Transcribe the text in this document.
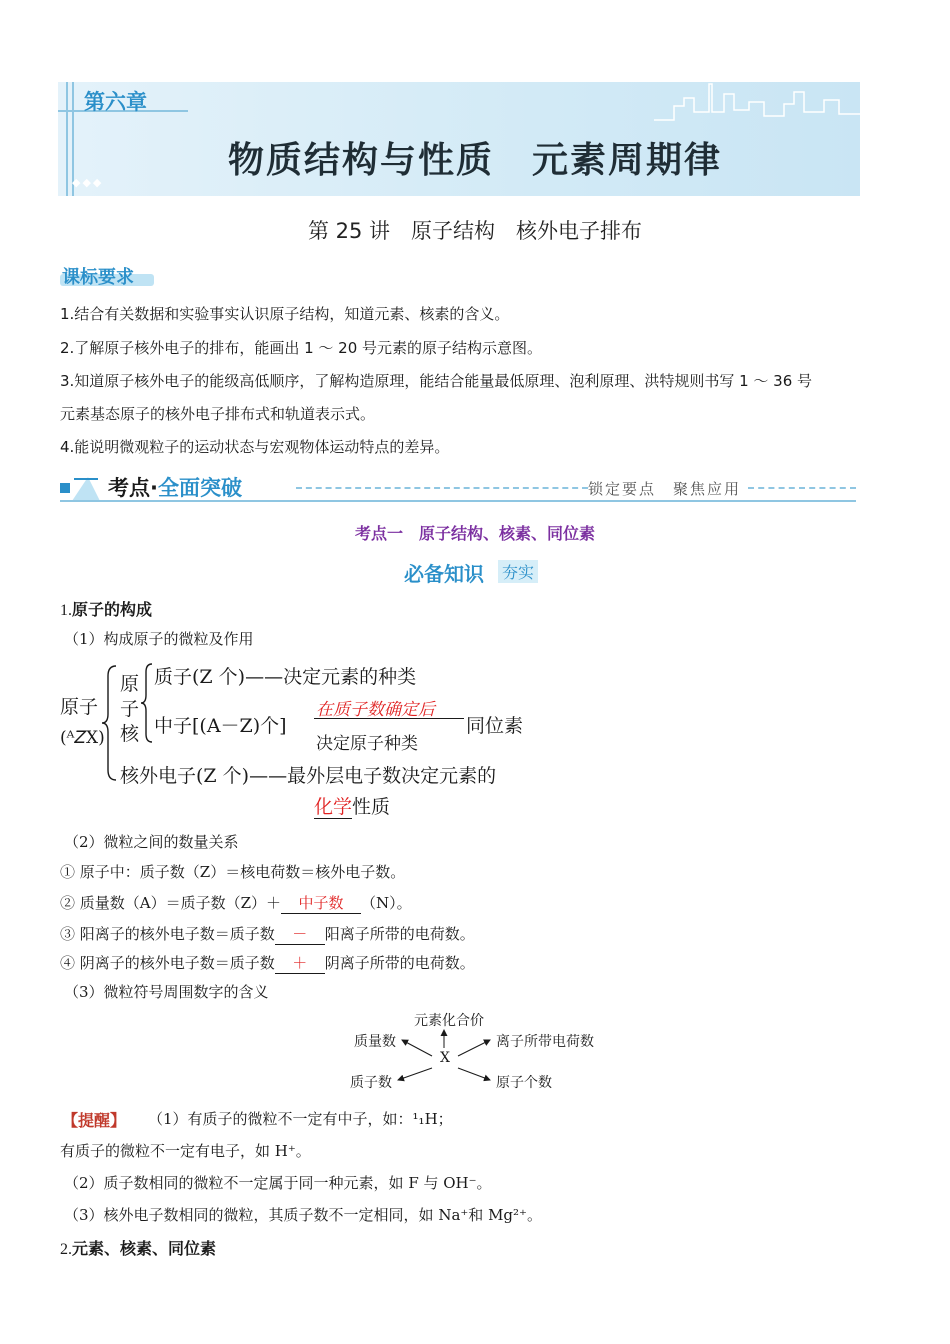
第六章
物质结构与性质　元素周期律
◆◆◆
第 25 讲　原子结构　核外电子排布
课标要求
1.结合有关数据和实验事实认识原子结构，知道元素、核素的含义。
2.了解原子核外电子的排布，能画出 1 ～ 20 号元素的原子结构示意图。
3.知道原子核外电子的能级高低顺序，了解构造原理，能结合能量最低原理、泡利原理、洪特规则书写 1 ～ 36 号
元素基态原子的核外电子排布式和轨道表示式。
4.能说明微观粒子的运动状态与宏观物体运动特点的差异。
考点·全面突破	锁定要点　聚焦应用
考点一　原子结构、核素、同位素
必备知识 夯实
1.原子的构成
（1）构成原子的微粒及作用
原子
(ᴬ𝘡X)
原
子
核
质子(Z 个)——决定元素的种类
中子[(A－Z)个]
在质子数确定后
决定原子种类
同位素
核外电子(Z 个)——最外层电子数决定元素的
化学性质
（2）微粒之间的数量关系
① 原子中：质子数（Z）＝核电荷数＝核外电子数。
② 质量数（A）＝质子数（Z）＋ 中子数 （N）。
③ 阳离子的核外电子数＝质子数 － 阳离子所带的电荷数。
④ 阴离子的核外电子数＝质子数 ＋ 阴离子所带的电荷数。
（3）微粒符号周围数字的含义
元素化合价
质量数	离子所带电荷数
质子数	原子个数
X
【提醒】 （1）有质子的微粒不一定有中子，如：¹₁H；
有质子的微粒不一定有电子，如 H⁺。
（2）质子数相同的微粒不一定属于同一种元素，如 F 与 OH⁻。
（3）核外电子数相同的微粒，其质子数不一定相同，如 Na⁺和 Mg²⁺。
2.元素、核素、同位素
